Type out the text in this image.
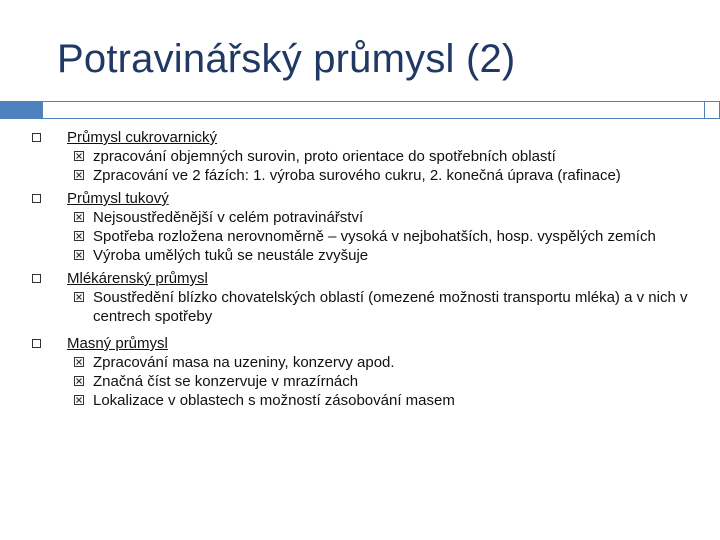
Potravinářský průmysl (2)
Průmysl cukrovarnický
zpracování objemných surovin, proto orientace do spotřebních oblastí
Zpracování ve 2 fázích: 1. výroba surového cukru, 2. konečná úprava (rafinace)
Průmysl tukový
Nejsoustředěnější v celém potravinářství
Spotřeba rozložena nerovnoměrně – vysoká v nejbohatších, hosp. vyspělých zemích
Výroba umělých tuků se neustále zvyšuje
Mlékárenský průmysl
Soustředění blízko chovatelských oblastí (omezené možnosti transportu mléka) a v nich v centrech spotřeby
Masný průmysl
Zpracování masa na uzeniny, konzervy apod.
Značná číst se konzervuje v mrazírnách
Lokalizace v oblastech s možností zásobování masem
